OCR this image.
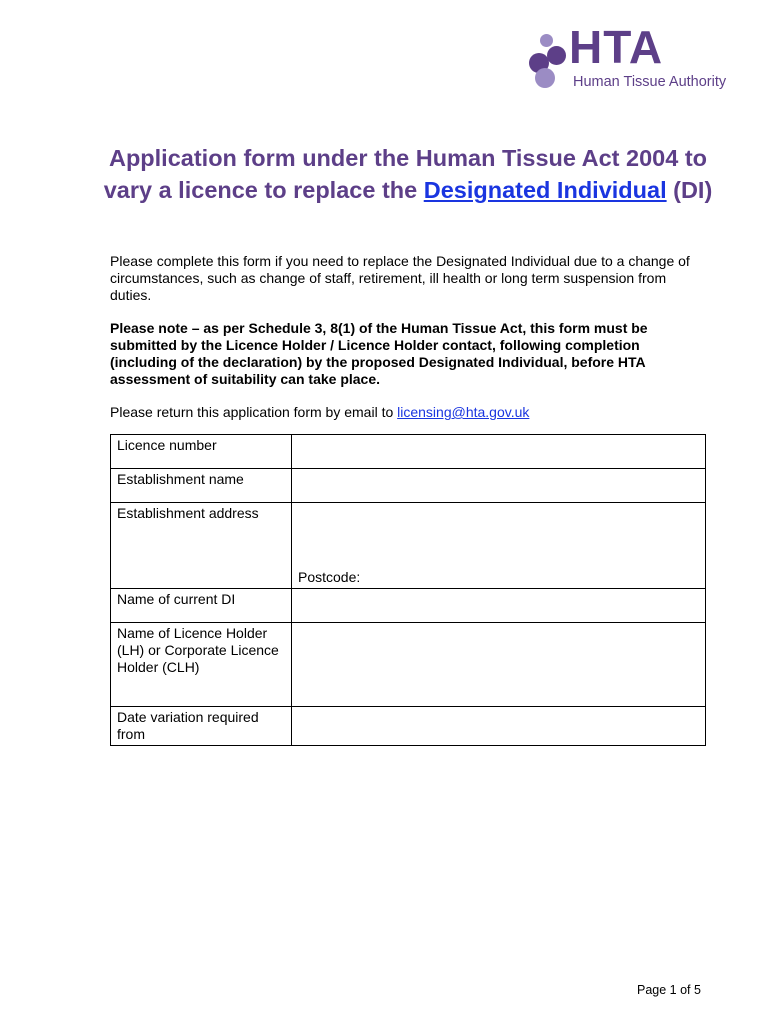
HTA
Human Tissue Authority
Application form under the Human Tissue Act 2004 to vary a licence to replace the Designated Individual (DI)

Please complete this form if you need to replace the Designated Individual due to a change of circumstances, such as change of staff, retirement, ill health or long term suspension from duties.

Please note – as per Schedule 3, 8(1) of the Human Tissue Act, this form must be submitted by the Licence Holder / Licence Holder contact, following completion (including of the declaration) by the proposed Designated Individual, before HTA assessment of suitability can take place.

Please return this application form by email to licensing@hta.gov.uk

Licence number	
Establishment name	
Establishment address	Postcode:

Name of current DI	
Name of Licence Holder (LH) or Corporate Licence Holder (CLH)	
Date variation required from	
Page 1 of 5
